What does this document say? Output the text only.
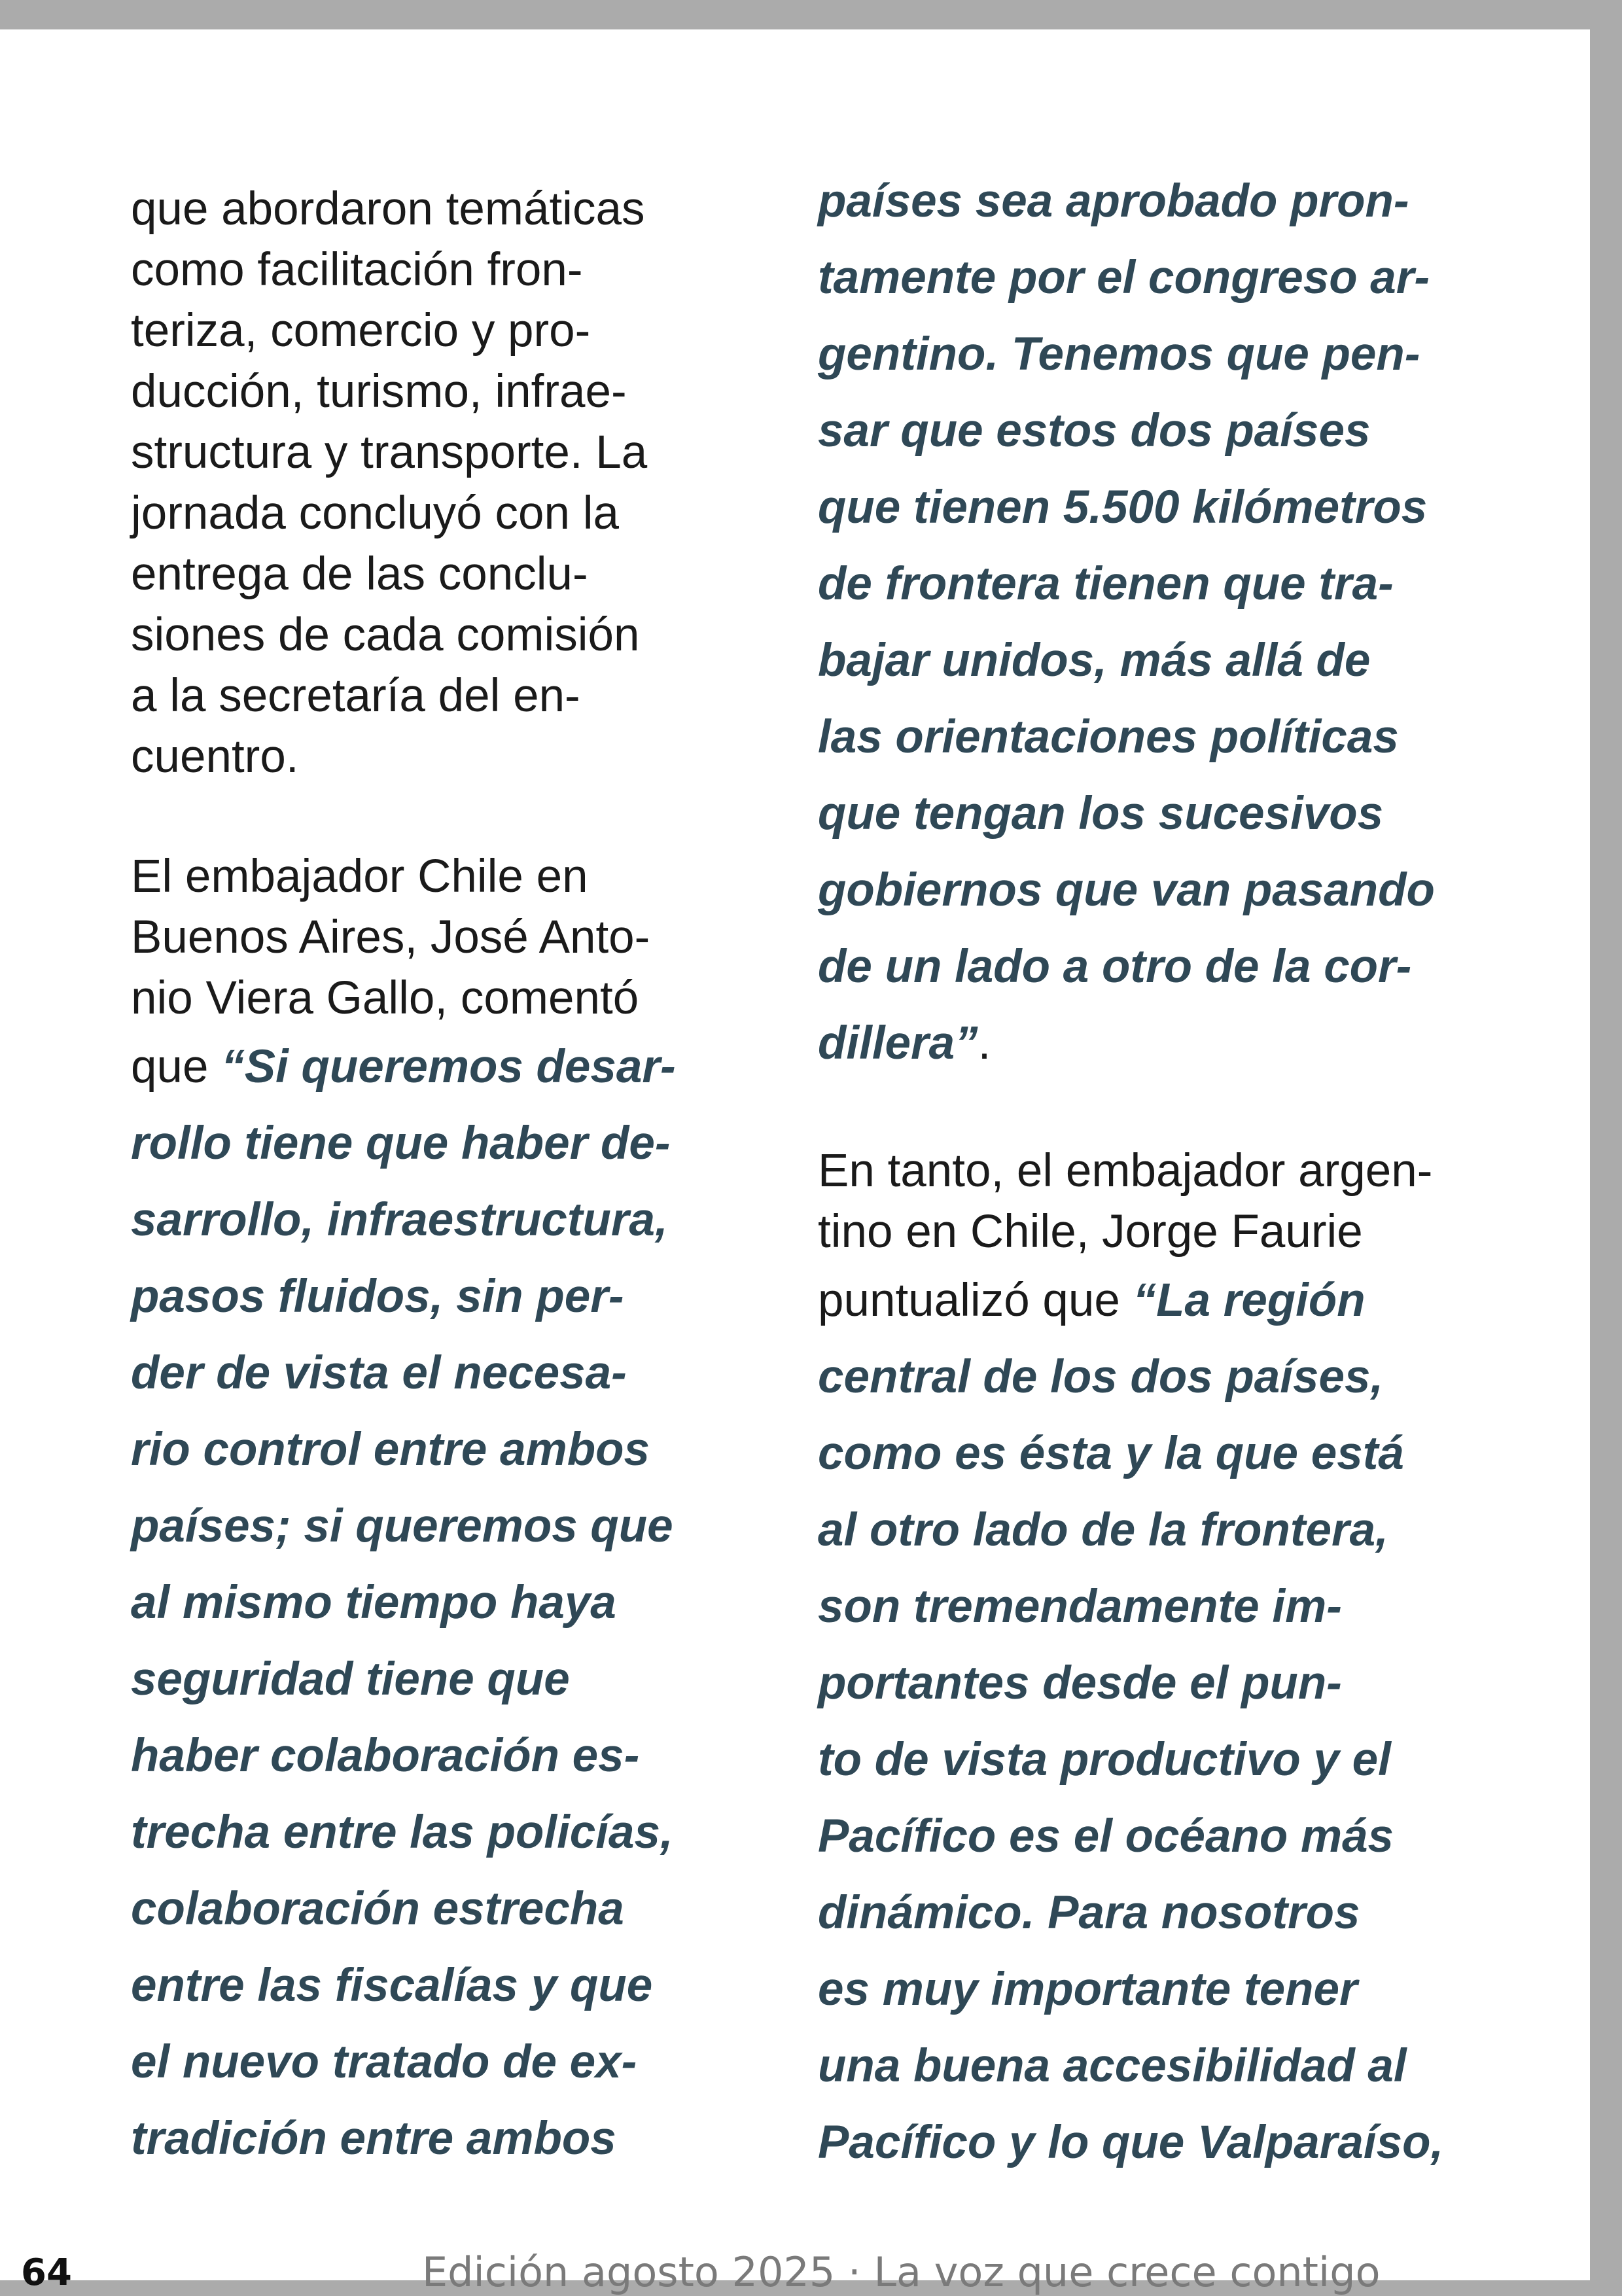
que abordaron temáticas
como facilitación fron-
teriza, comercio y pro-
ducción, turismo, infrae-
structura y transporte. La
jornada concluyó con la
entrega de las conclu-
siones de cada comisión
a la secretaría del en-
cuentro.
El embajador Chile en
Buenos Aires, José Anto-
nio Viera Gallo, comentó
que “Si queremos desar-
rollo tiene que haber de-
sarrollo, infraestructura,
pasos fluidos, sin per-
der de vista el necesa-
rio control entre ambos
países; si queremos que
al mismo tiempo haya
seguridad tiene que
haber colaboración es-
trecha entre las policías,
colaboración estrecha
entre las fiscalías y que
el nuevo tratado de ex-
tradición entre ambos
países sea aprobado pron-
tamente por el congreso ar-
gentino. Tenemos que pen-
sar que estos dos países
que tienen 5.500 kilómetros
de frontera tienen que tra-
bajar unidos, más allá de
las orientaciones políticas
que tengan los sucesivos
gobiernos que van pasando
de un lado a otro de la cor-
dillera”.
En tanto, el embajador argen-
tino en Chile, Jorge Faurie
puntualizó que “La región
central de los dos países,
como es ésta y la que está
al otro lado de la frontera,
son tremendamente im-
portantes desde el pun-
to de vista productivo y el
Pacífico es el océano más
dinámico. Para nosotros
es muy importante tener
una buena accesibilidad al
Pacífico y lo que Valparaíso,
64	Edición agosto 2025 · La voz que crece contigo
